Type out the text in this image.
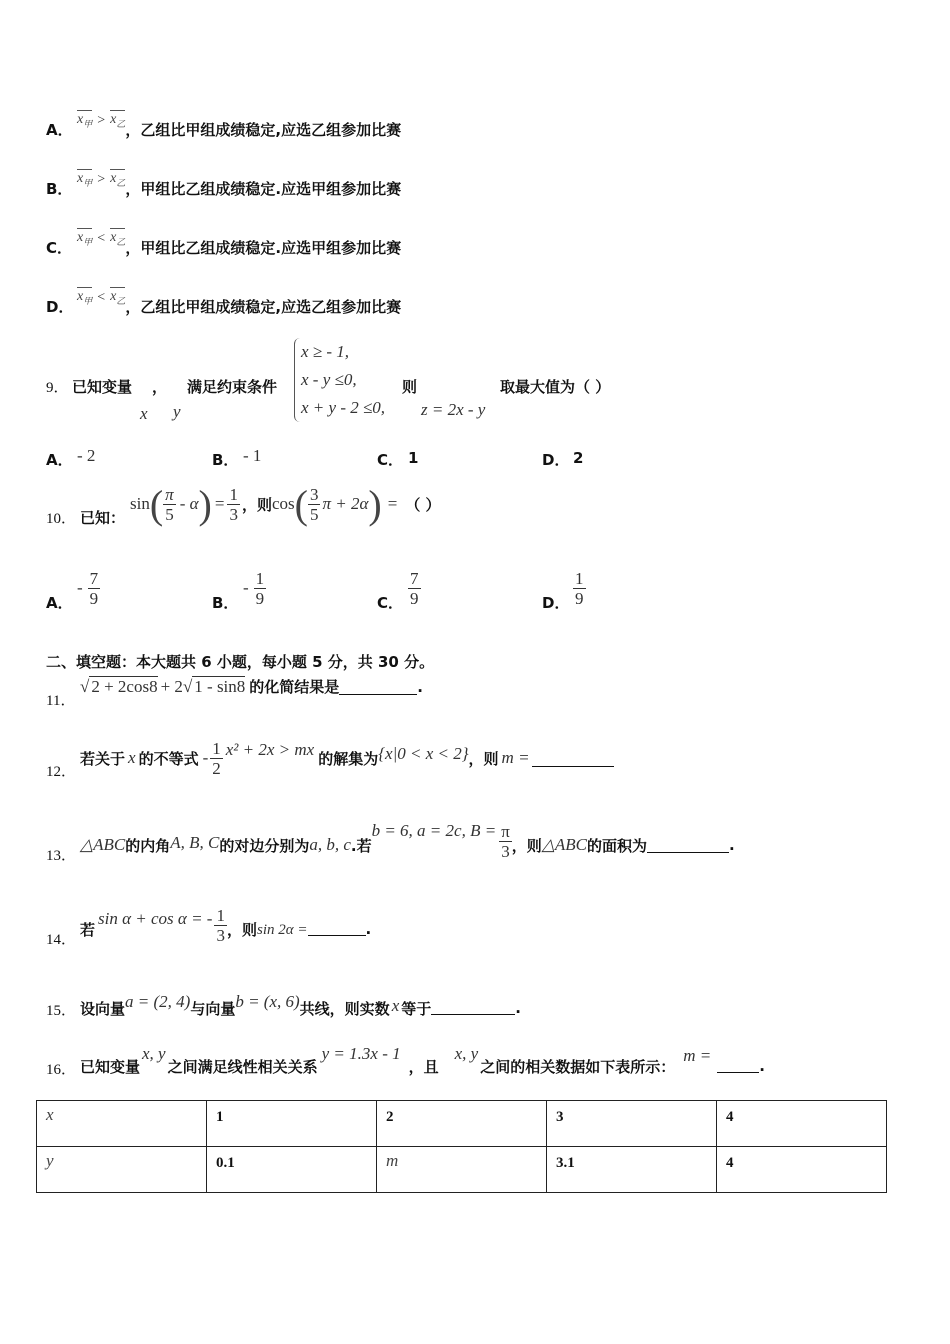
A．
$x_甲 > x_乙$ ，乙组比甲组成绩稳定,应选乙组参加比赛
B．
$x_甲 > x_乙$ ，甲组比乙组成绩稳定.应选甲组参加比赛
C．
$x_甲 < x_乙$ ，甲组比乙组成绩稳定.应选甲组参加比赛
D．
$x_甲 < x_乙$ ，乙组比甲组成绩稳定,应选乙组参加比赛
9． 已知变量 ， 满足约束条件
x y
x ≥ - 1,
x - y ≤0,
x + y - 2 ≤0,
则
z = 2x - y
取最大值为（ ）
A． - 2	B． - 1	C． 1	D． 2
10． 已知：
sin ( $\frac{\pi}{5}$ - α ) = $\frac{1}{3}$ ，则 cos ( $\frac{3}{5}$ π + 2α ) = （ ）
A．
- $\frac{7}{9}$	B．
- $\frac{1}{9}$	C． $\frac{7}{9}$	D． $\frac{1}{9}$
二、填空题：本大题共 6 小题，每小题 5 分，共 30 分。
11．
√ 2 + 2cos8 + 2 √ 1 - sin8 的化简结果是	.
12．
若关于 x 的不等式 - $\frac{1}{2} x^2 + 2x$ > mx 的解集为 {x|0 < x < 2} ，则 m =
13．
△ABC 的内角 A, B, C 的对边分别为 a, b, c .若
b = 6, a = 2c, $B = \frac{\pi}{3}$ ，则 △ABC 的面积为	.
14．
若
sin α + cos α = - $\frac{1}{3}$ ，则 sin 2α =	.
15． 设向量 a = (2, 4) 与向量 b = (x, 6) 共线，则实数 x 等于	.
16． 已知变量
x, y
之间满足线性相关关系
y = 1.3x - 1
，且
x, y
之间的相关数据如下表所示：
m =
.
x	1	2	3	4
y	0.1	m	3.1	4
